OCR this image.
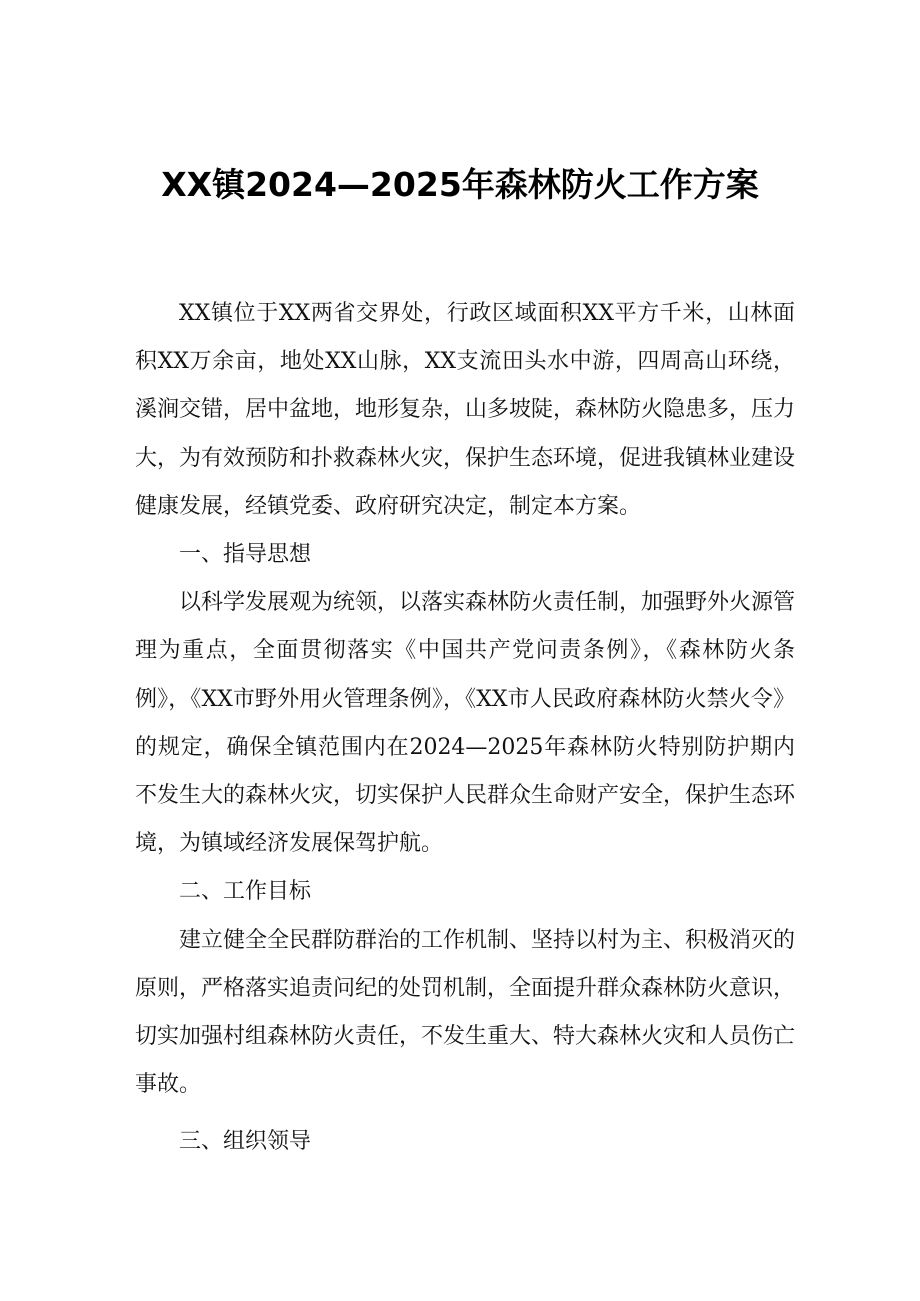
XX镇2024—2025年森林防火工作方案

XX镇位于XX两省交界处，行政区域面积XX平方千米，山林面积XX万余亩，地处XX山脉，XX支流田头水中游，四周高山环绕，溪涧交错，居中盆地，地形复杂，山多坡陡，森林防火隐患多，压力大，为有效预防和扑救森林火灾，保护生态环境，促进我镇林业建设健康发展，经镇党委、政府研究决定，制定本方案。

一、指导思想

以科学发展观为统领，以落实森林防火责任制，加强野外火源管理为重点，全面贯彻落实《中国共产党问责条例》，《森林防火条例》，《XX市野外用火管理条例》，《XX市人民政府森林防火禁火令》的规定，确保全镇范围内在2024—2025年森林防火特别防护期内不发生大的森林火灾，切实保护人民群众生命财产安全，保护生态环境，为镇域经济发展保驾护航。

二、工作目标

建立健全全民群防群治的工作机制、坚持以村为主、积极消灭的原则，严格落实追责问纪的处罚机制，全面提升群众森林防火意识，切实加强村组森林防火责任，不发生重大、特大森林火灾和人员伤亡事故。

三、组织领导
